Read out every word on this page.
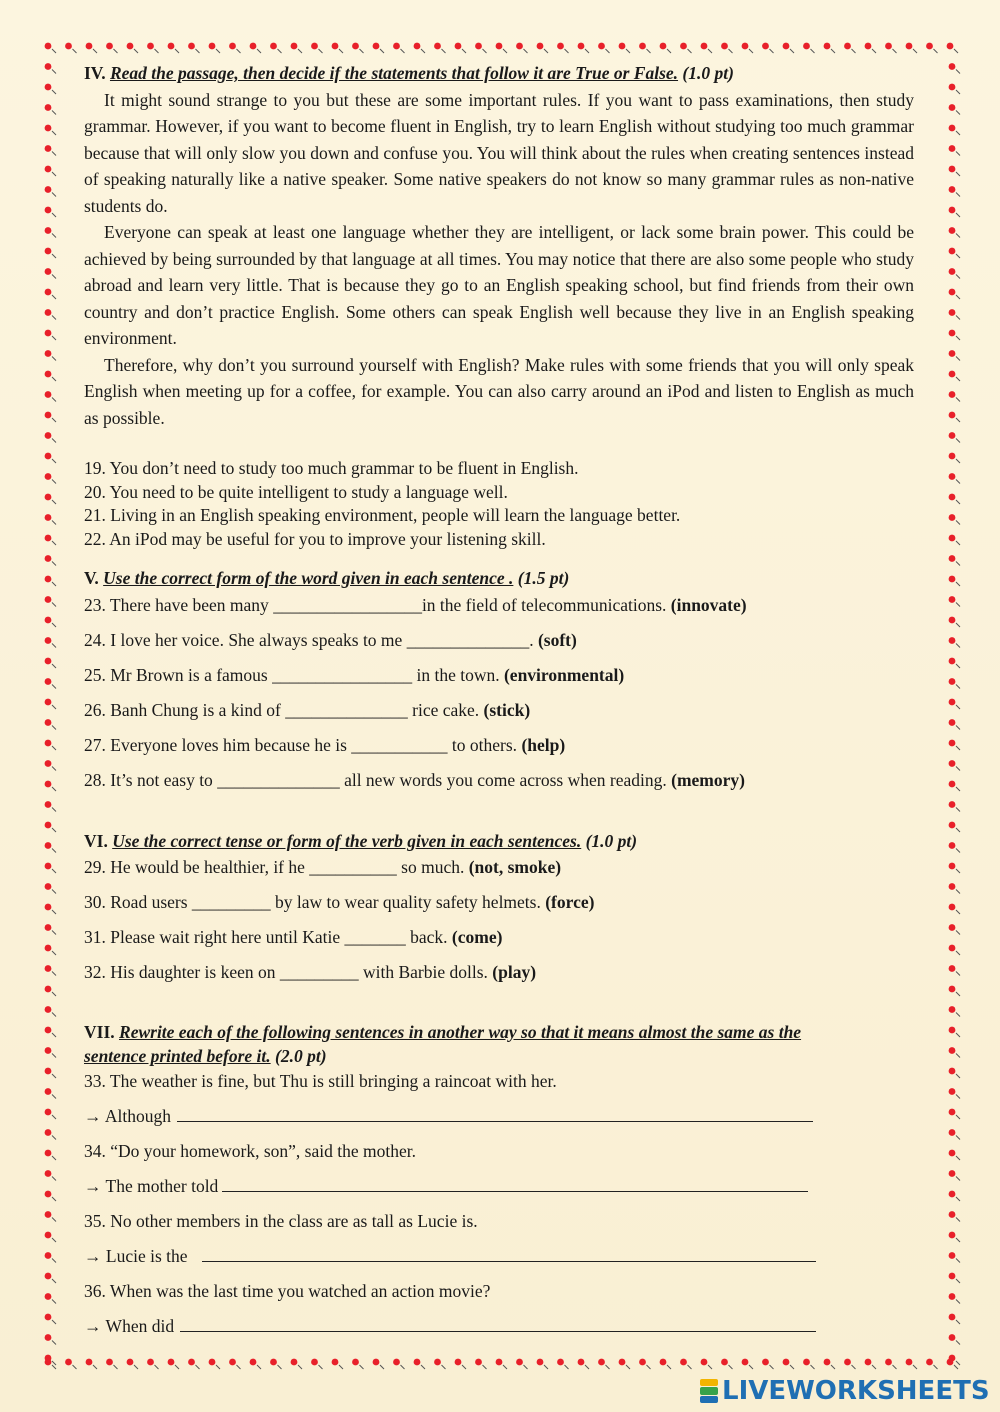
IV. Read the passage, then decide if the statements that follow it are True or False. (1.0 pt)

It might sound strange to you but these are some important rules. If you want to pass examinations, then study grammar. However, if you want to become fluent in English, try to learn English without studying too much grammar because that will only slow you down and confuse you. You will think about the rules when creating sentences instead of speaking naturally like a native speaker. Some native speakers do not know so many grammar rules as non-native students do.

Everyone can speak at least one language whether they are intelligent, or lack some brain power. This could be achieved by being surrounded by that language at all times. You may notice that there are also some people who study abroad and learn very little. That is because they go to an English speaking school, but find friends from their own country and don’t practice English. Some others can speak English well because they live in an English speaking environment.

Therefore, why don’t you surround yourself with English? Make rules with some friends that you will only speak English when meeting up for a coffee, for example. You can also carry around an iPod and listen to English as much as possible.

19. You don’t need to study too much grammar to be fluent in English.

20. You need to be quite intelligent to study a language well.

21. Living in an English speaking environment, people will learn the language better.

22. An iPod may be useful for you to improve your listening skill.

V. Use the correct form of the word given in each sentence . (1.5 pt)

23. There have been many _________________in the field of telecommunications. (innovate)
24. I love her voice. She always speaks to me ______________. (soft)
25. Mr Brown is a famous ________________ in the town. (environmental)
26. Banh Chung is a kind of ______________ rice cake. (stick)
27. Everyone loves him because he is ___________ to others. (help)
28. It’s not easy to ______________ all new words you come across when reading. (memory)

VI. Use the correct tense or form of the verb given in each sentences. (1.0 pt)

29. He would be healthier, if he __________ so much. (not, smoke)
30. Road users _________ by law to wear quality safety helmets. (force)
31. Please wait right here until Katie _______ back. (come)
32. His daughter is keen on _________ with Barbie dolls. (play)

VII. Rewrite each of the following sentences in another way so that it means almost the same as the
sentence printed before it. (2.0 pt)

33. The weather is fine, but Thu is still bringing a raincoat with her.
→ Although
34. “Do your homework, son”, said the mother.
→ The mother told
35. No other members in the class are as tall as Lucie is.
→ Lucie is the
36. When was the last time you watched an action movie?
→ When did
LIVEWORKSHEETS
